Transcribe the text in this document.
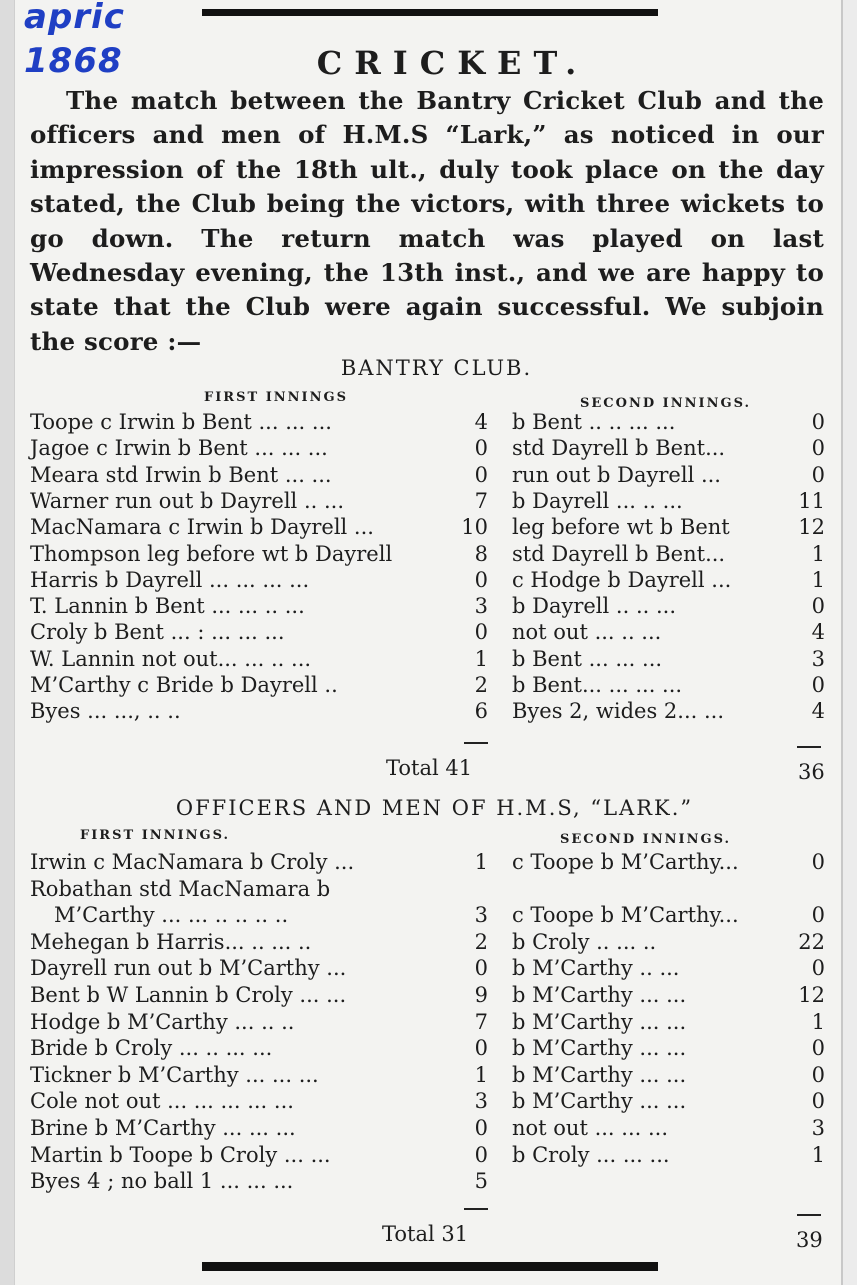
apric
1868	CRICKET.
The match between the Bantry Cricket Club and the officers and men of H.M.S “Lark,” as noticed in our impression of the 18th ult., duly took place on the day stated, the Club being the victors, with three wickets to go down. The return match was played on last Wednesday evening, the 13th inst., and we are happy to state that the Club were again successful. We subjoin the score :—
BANTRY CLUB.
FIRST INNINGS	SECOND INNINGS.
Toope c Irwin b Bent ... ... ...	4 b Bent .. .. ... ...	0
Jagoe c Irwin b Bent ... ... ...	0 std Dayrell b Bent...	0
Meara std Irwin b Bent ... ...	0 run out b Dayrell ...	0
Warner run out b Dayrell .. ...	7 b Dayrell ... .. ...	11
MacNamara c Irwin b Dayrell ...	10 leg before wt b Bent	12
Thompson leg before wt b Dayrell	8 std Dayrell b Bent...	1
Harris b Dayrell ... ... ... ...	0 c Hodge b Dayrell ...	1
T. Lannin b Bent ... ... .. ...	3 b Dayrell .. .. ...	0
Croly b Bent ... : ... ... ...	0 not out ... .. ...	4
W. Lannin not out... ... .. ...	1 b Bent ... ... ...	3
M’Carthy c Bride b Dayrell ..	2 b Bent... ... ... ...	0
Byes ... ..., .. ..	6 Byes 2, wides 2... ...	4
Total 41	36
OFFICERS AND MEN OF H.M.S, “LARK.”
FIRST INNINGS.	SECOND INNINGS.
Irwin c MacNamara b Croly ...	1 c Toope b M’Carthy...	0
Robathan std MacNamara b
M’Carthy ... ... .. .. .. ..	3 c Toope b M’Carthy...	0
Mehegan b Harris... .. ... ..	2 b Croly .. ... ..	22
Dayrell run out b M’Carthy ...	0 b M’Carthy .. ...	0
Bent b W Lannin b Croly ... ...	9 b M’Carthy ... ...	12
Hodge b M’Carthy ... .. ..	7 b M’Carthy ... ...	1
Bride b Croly ... .. ... ...	0 b M’Carthy ... ...	0
Tickner b M’Carthy ... ... ...	1 b M’Carthy ... ...	0
Cole not out ... ... ... ... ...	3 b M’Carthy ... ...	0
Brine b M’Carthy ... ... ...	0 not out ... ... ...	3
Martin b Toope b Croly ... ...	0 b Croly ... ... ...	1
Byes 4 ; no ball 1 ... ... ...	5
Total 31	39
